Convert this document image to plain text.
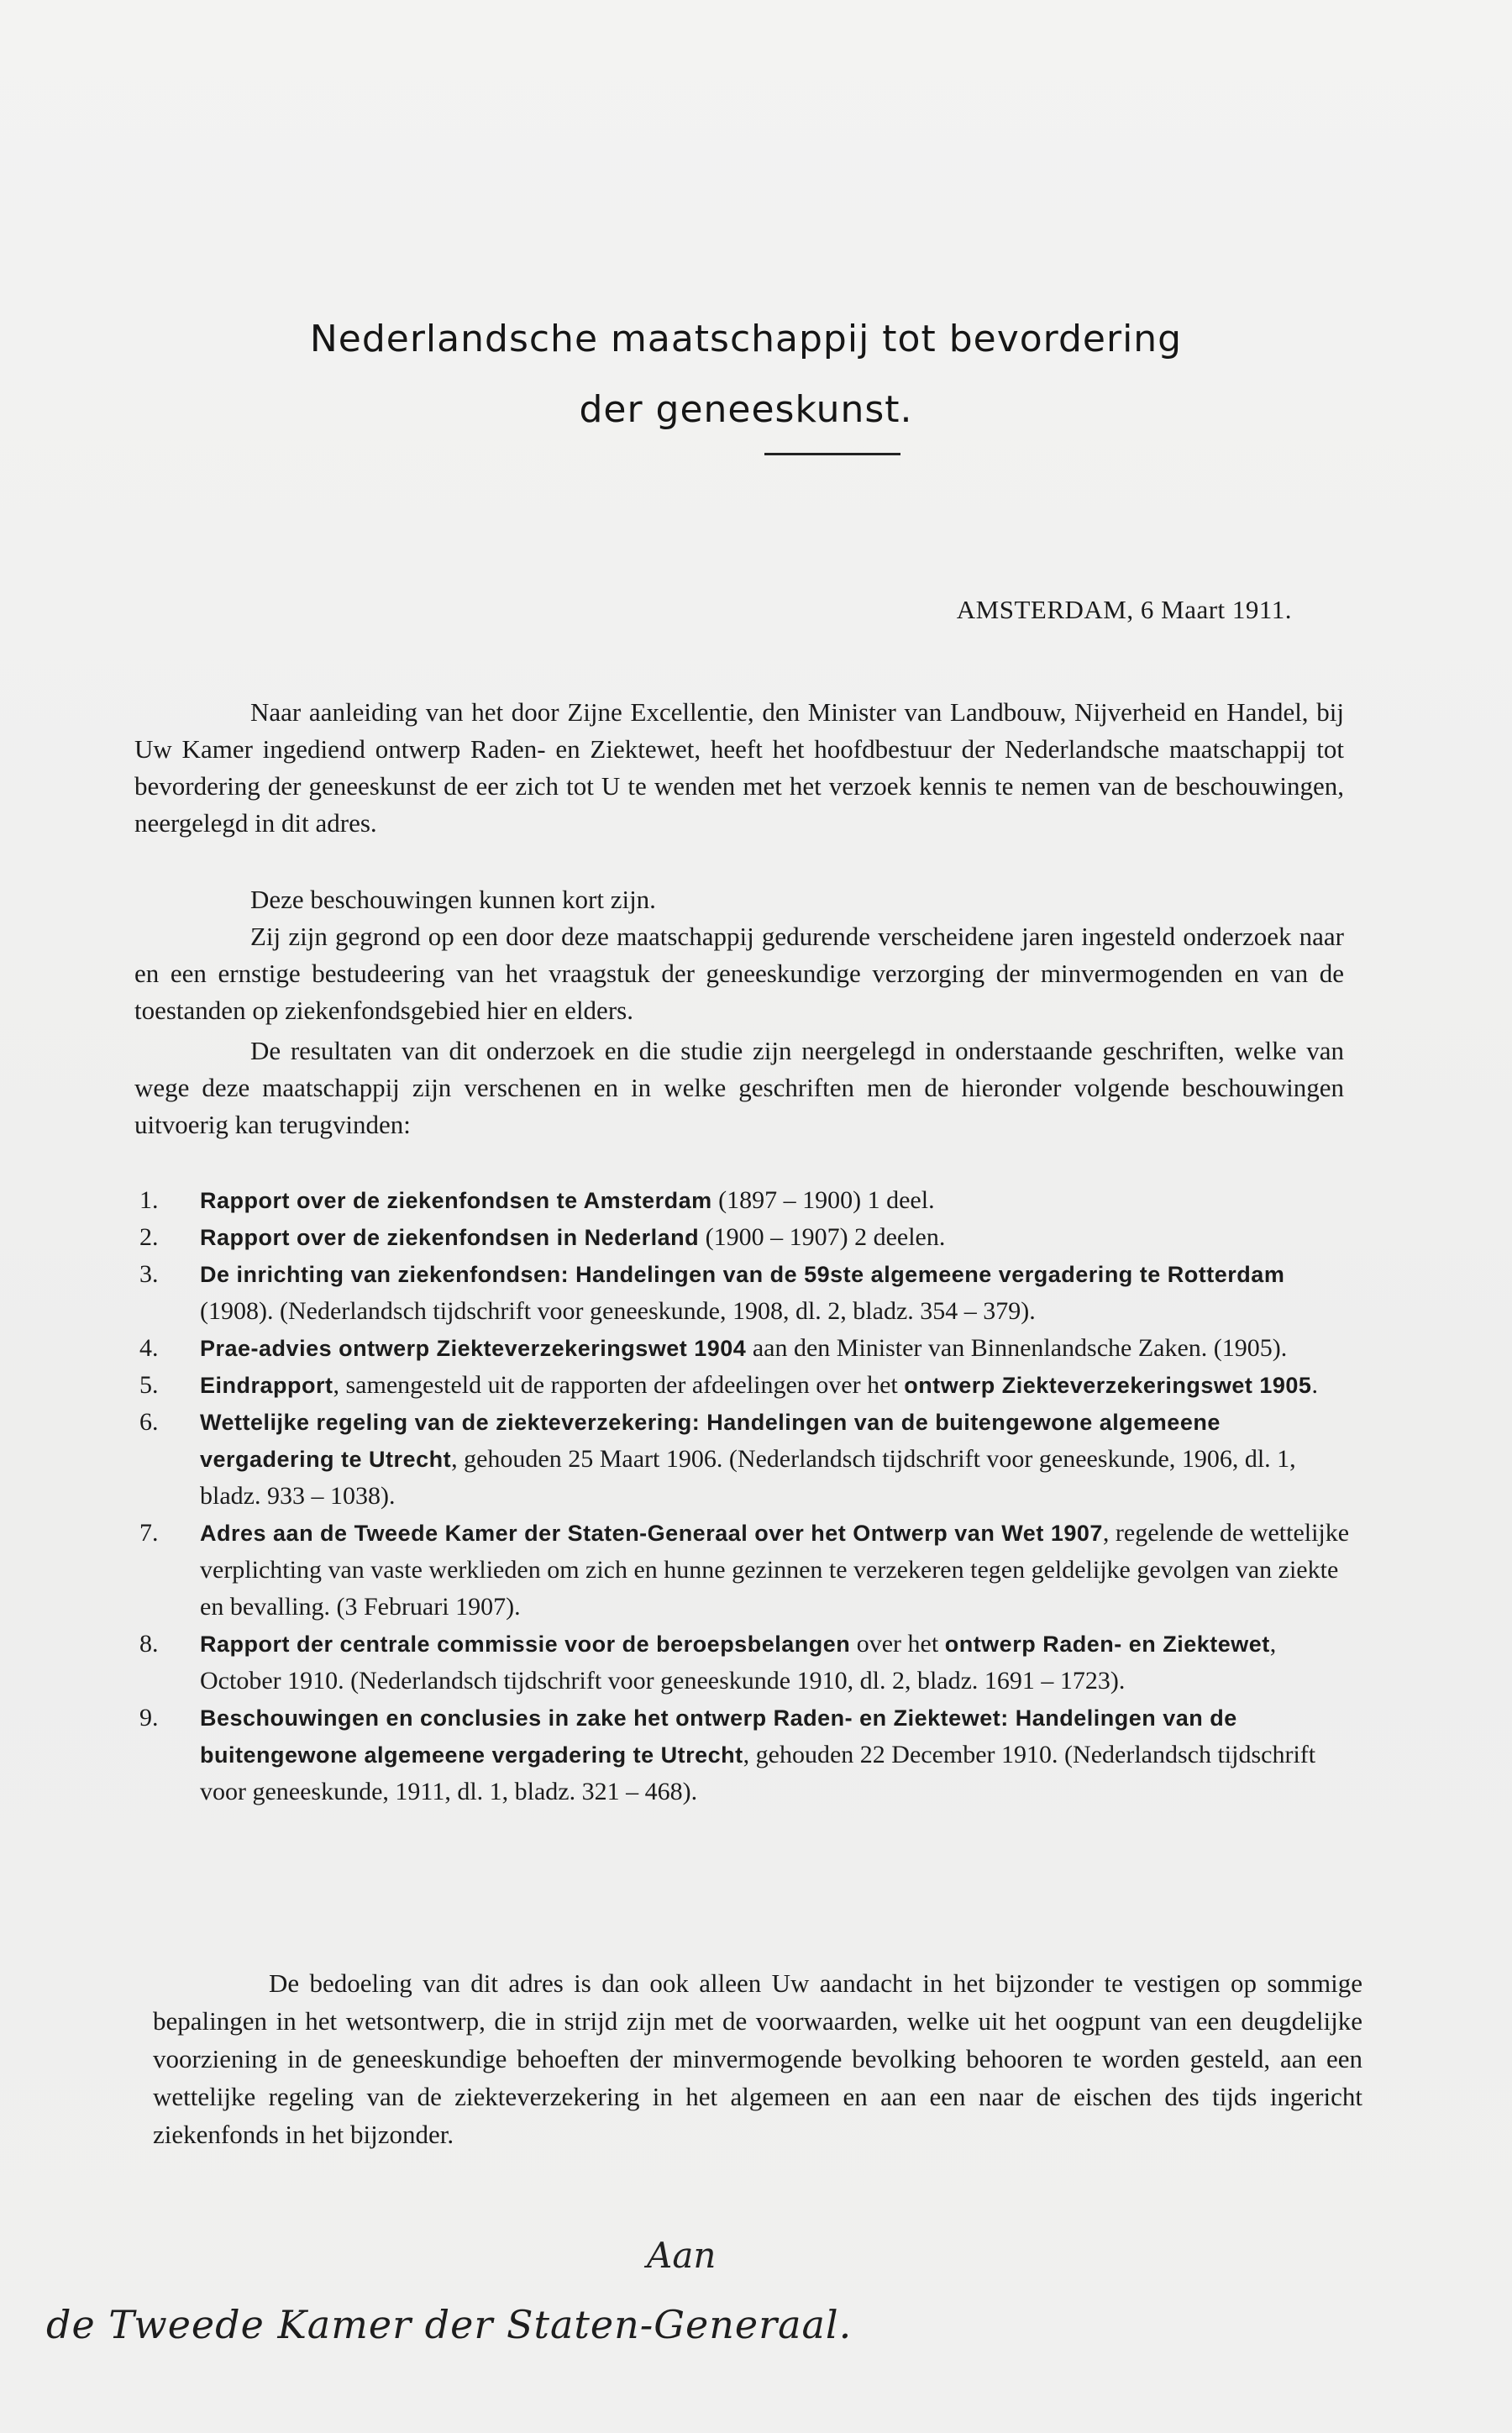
Nederlandsche maatschappij tot bevordering
der geneeskunst.
AMSTERDAM, 6 Maart 1911.
Naar aanleiding van het door Zijne Excellentie, den Minister van Landbouw, Nijverheid en Handel, bij Uw Kamer ingediend ontwerp Raden- en Ziektewet, heeft het hoofdbestuur der Nederlandsche maatschappij tot bevordering der geneeskunst de eer zich tot U te wenden met het verzoek kennis te nemen van de beschouwingen, neergelegd in dit adres.
Deze beschouwingen kunnen kort zijn.
Zij zijn gegrond op een door deze maatschappij gedurende verscheidene jaren ingesteld onderzoek naar en een ernstige bestudeering van het vraagstuk der geneeskundige verzorging der minvermogenden en van de toestanden op ziekenfondsgebied hier en elders.
De resultaten van dit onderzoek en die studie zijn neergelegd in onderstaande geschriften, welke van wege deze maatschappij zijn verschenen en in welke geschriften men de hieronder volgende beschouwingen uitvoerig kan terugvinden:
1. Rapport over de ziekenfondsen te Amsterdam (1897 – 1900) 1 deel.
2. Rapport over de ziekenfondsen in Nederland (1900 – 1907) 2 deelen.
3. De inrichting van ziekenfondsen: Handelingen van de 59ste algemeene vergadering te Rotterdam (1908). (Nederlandsch tijdschrift voor geneeskunde, 1908, dl. 2, bladz. 354 – 379).
4. Prae-advies ontwerp Ziekteverzekeringswet 1904 aan den Minister van Binnenlandsche Zaken. (1905).
5. Eindrapport, samengesteld uit de rapporten der afdeelingen over het ontwerp Ziekteverzekeringswet 1905.
6. Wettelijke regeling van de ziekteverzekering: Handelingen van de buitengewone algemeene vergadering te Utrecht, gehouden 25 Maart 1906. (Nederlandsch tijdschrift voor geneeskunde, 1906, dl. 1, bladz. 933 – 1038).
7. Adres aan de Tweede Kamer der Staten-Generaal over het Ontwerp van Wet 1907, regelende de wettelijke verplichting van vaste werklieden om zich en hunne gezinnen te verzekeren tegen geldelijke gevolgen van ziekte en bevalling. (3 Februari 1907).
8. Rapport der centrale commissie voor de beroepsbelangen over het ontwerp Raden- en Ziektewet, October 1910. (Nederlandsch tijdschrift voor geneeskunde 1910, dl. 2, bladz. 1691 – 1723).
9. Beschouwingen en conclusies in zake het ontwerp Raden- en Ziektewet: Handelingen van de buitengewone algemeene vergadering te Utrecht, gehouden 22 December 1910. (Nederlandsch tijdschrift voor geneeskunde, 1911, dl. 1, bladz. 321 – 468).
De bedoeling van dit adres is dan ook alleen Uw aandacht in het bijzonder te vestigen op sommige bepalingen in het wetsontwerp, die in strijd zijn met de voorwaarden, welke uit het oogpunt van een deugdelijke voorziening in de geneeskundige behoeften der minvermogende bevolking behooren te worden gesteld, aan een wettelijke regeling van de ziekteverzekering in het algemeen en aan een naar de eischen des tijds ingericht ziekenfonds in het bijzonder.
Aan
de Tweede Kamer der Staten-Generaal.
